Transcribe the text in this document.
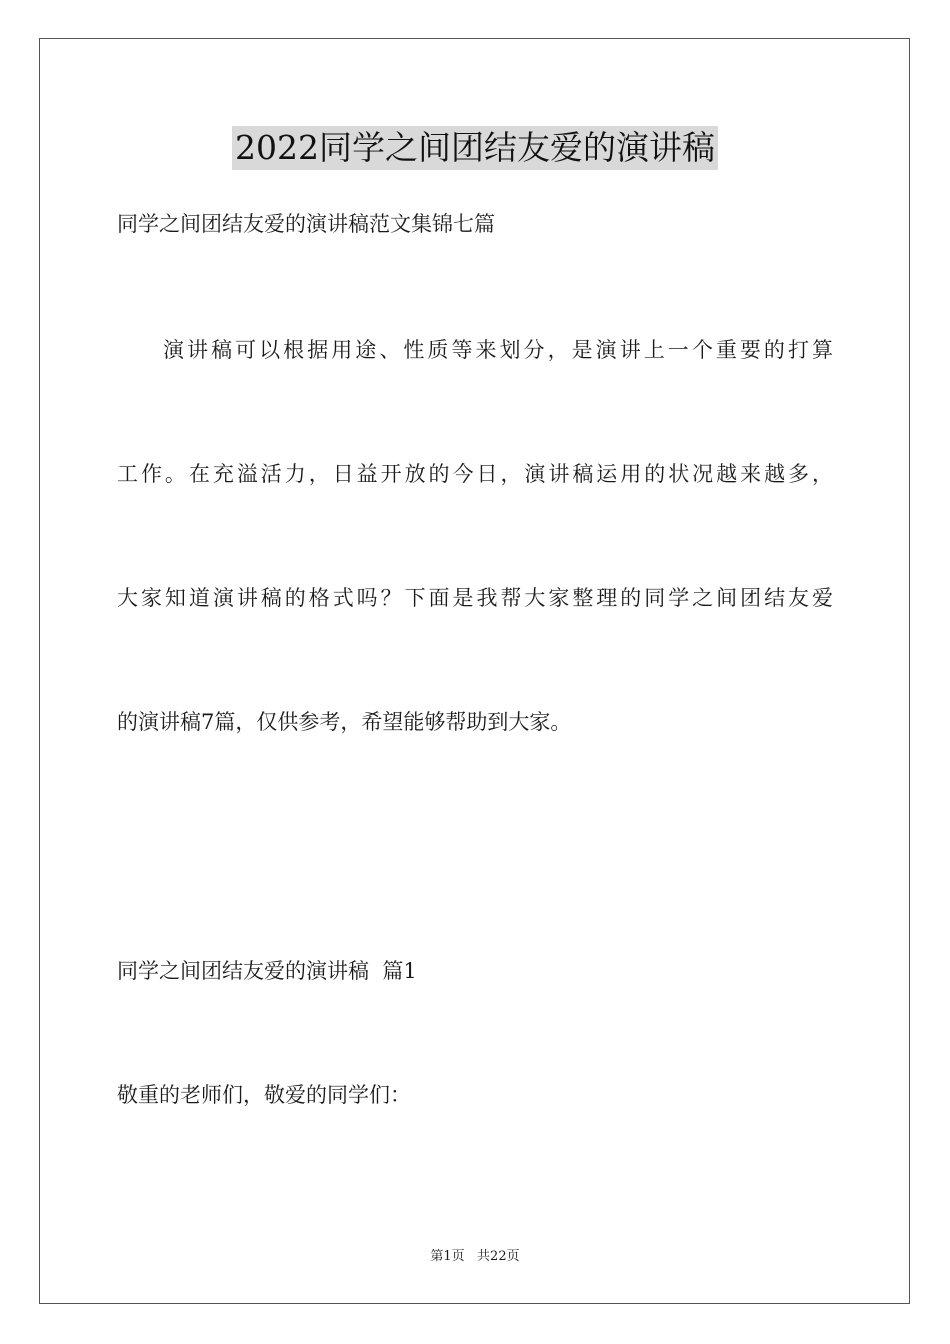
2022同学之间团结友爱的演讲稿
同学之间团结友爱的演讲稿范文集锦七篇
演讲稿可以根据用途、性质等来划分，是演讲上一个重要的打算
工作。在充溢活力，日益开放的今日，演讲稿运用的状况越来越多，
大家知道演讲稿的格式吗？下面是我帮大家整理的同学之间团结友爱
的演讲稿7篇，仅供参考，希望能够帮助到大家。
同学之间团结友爱的演讲稿  篇1
敬重的老师们，敬爱的同学们：
第1页   共22页
